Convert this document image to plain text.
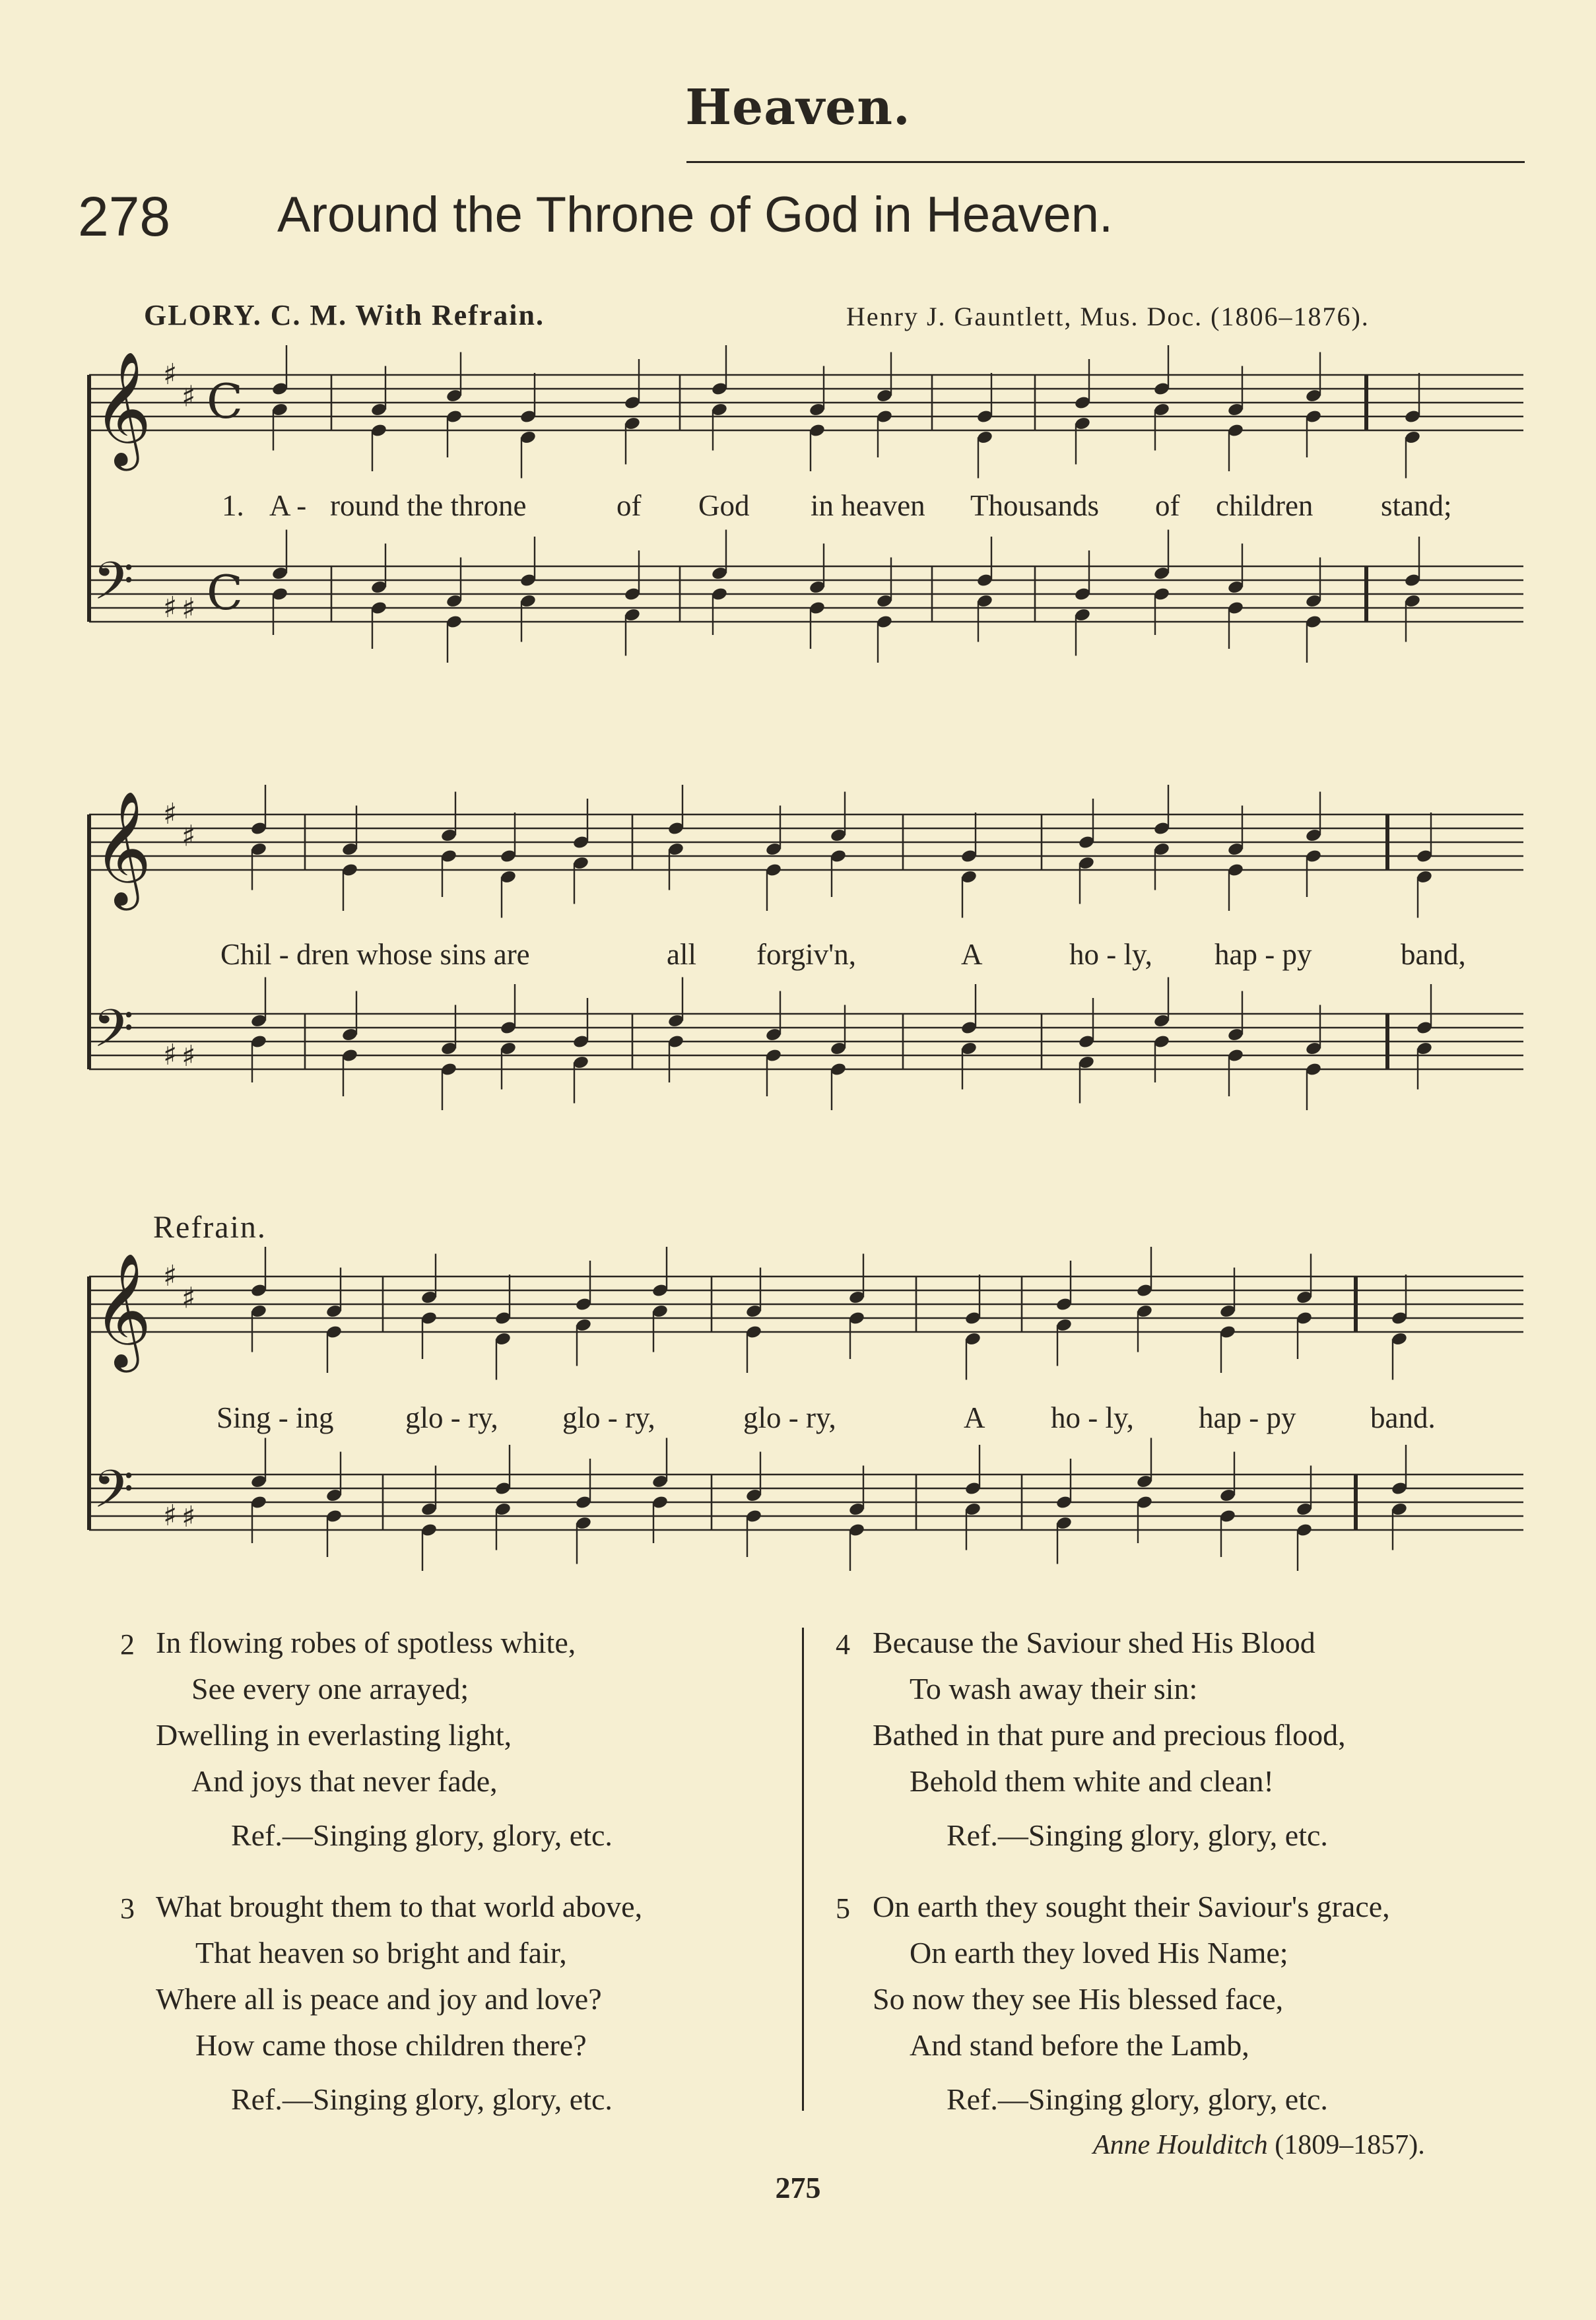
Heaven.
278 Around the Throne of God in Heaven.
GLORY. C. M. With Refrain.	Henry J. Gauntlett, Mus. Doc. (1806–1876).
𝄞 ♯
♯ C
𝄢 ♯ ♯ C
𝄞 ♯
♯
𝄢 ♯ ♯
𝄞 ♯
♯
𝄢 ♯ ♯
1. A - round the throne	of God in heaven Thousands of children stand;
Chil - dren whose sins are	all forgiv'n,	A	ho - ly, hap - py	band,
Refrain.
Sing - ing glo - ry, glo - ry,	glo - ry,	A ho - ly, hap - py	band.
2 In flowing robes of spotless white,
See every one arrayed;
Dwelling in everlasting light,
And joys that never fade,
Ref.—Singing glory, glory, etc.
3 What brought them to that world above,
That heaven so bright and fair,
Where all is peace and joy and love?
How came those children there?
Ref.—Singing glory, glory, etc.
4 Because the Saviour shed His Blood
To wash away their sin:
Bathed in that pure and precious flood,
Behold them white and clean!
Ref.—Singing glory, glory, etc.
5 On earth they sought their Saviour's grace,
On earth they loved His Name;
So now they see His blessed face,
And stand before the Lamb,
Ref.—Singing glory, glory, etc.
Anne Houlditch (1809–1857).
275
